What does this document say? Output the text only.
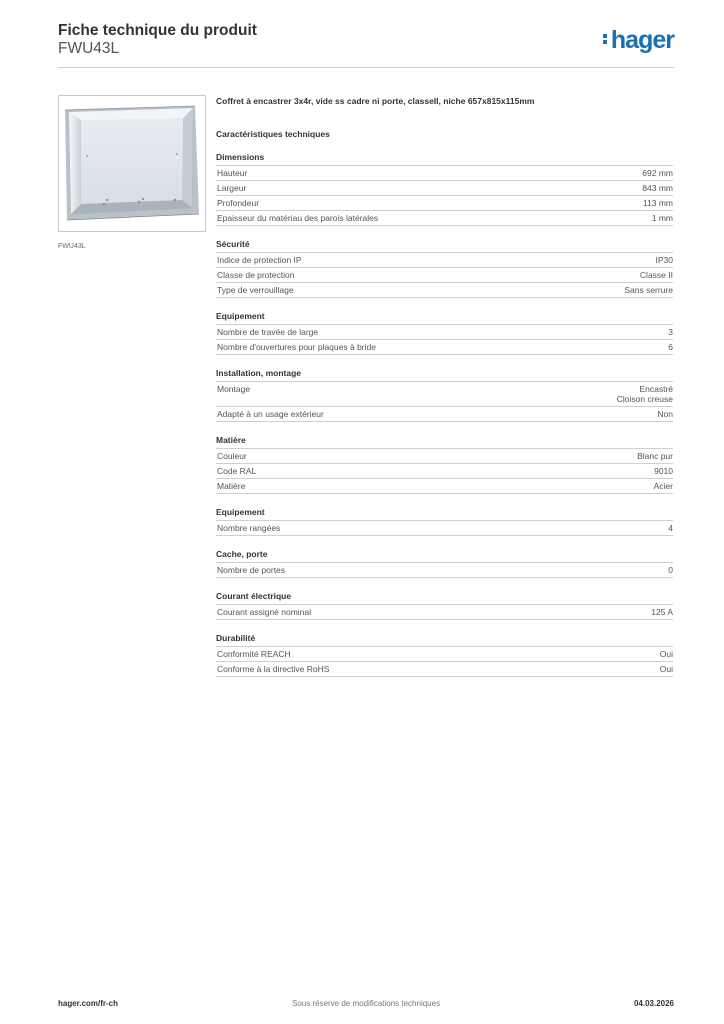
Fiche technique du produit
FWU43L	hager
FWU43L
Coffret à encastrer 3x4r, vide ss cadre ni porte, classeII, niche 657x815x115mm
Caractéristiques techniques
Dimensions
Hauteur	692 mm
Largeur	843 mm
Profondeur	113 mm
Epaisseur du matériau des parois latérales	1 mm
Sécurité
Indice de protection IP	IP30
Classe de protection	Classe II
Type de verrouillage	Sans serrure
Equipement
Nombre de travée de large	3
Nombre d'ouvertures pour plaques à bride	6
Installation, montage
Montage	Encastré
Cloison creuse
Adapté à un usage extérieur	Non
Matière
Couleur	Blanc pur
Code RAL	9010
Matière	Acier
Equipement
Nombre rangées	4
Cache, porte
Nombre de portes	0
Courant électrique
Courant assigné nominal	125 A
Durabilité
Conformité REACH	Oui
Conforme à la directive RoHS	Oui
hager.com/fr-ch	Sous réserve de modifications techniques	04.03.2026
